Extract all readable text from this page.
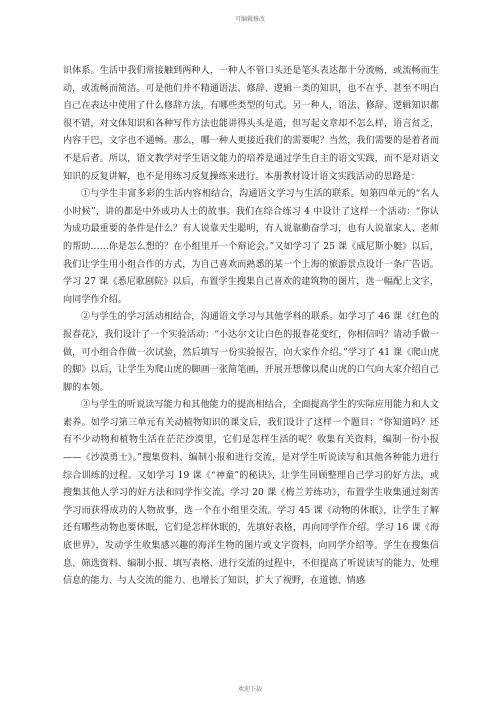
可编辑修改

识体系。生活中我们常接触到两种人，一种人不管口头还是笔头表达都十分流畅，或流畅而生动，或流畅而简洁。可是他们并不精通语法、修辞、逻辑一类的知识，也不在乎、甚至不明白自己在表达中使用了什么修辞方法，有哪些类型的句式。另一种人，语法、修辞、逻辑知识都很不错，对文体知识和各种写作方法也能讲得头头是道，但写起文章却不怎么样，语言贫乏，内容干巴，文字也不通畅。那么，哪一种人更接近我们的需要呢？当然，我们需要的是着者而不是后者。所以，语文教学对学生语文能力的培养是通过学生自主的语文实践，而不是对语文知识的反复讲解，也不是用练习反复操练来进行。本册教材设计语文实践活动的思路是：

①与学生丰富多彩的生活内容相结合，沟通语文学习与生活的联系。如第四单元的“名人小时候”，讲的都是中外成功人士的故事。我们在综合练习 4 中设计了这样一个活动：“你认为成功最重要的条件是什么？有人说靠天生聪明，有人说靠勤奋学习，也有人说靠家人、老师的帮助……你是怎么想的？在小组里开一个辩论会。”又如学习了 25 课《威尼斯小艇》以后，我们让学生用小组合作的方式，为自己喜欢而熟悉的某一个上海的旅游景点设计一条广告语。学习 27 课《悉尼歌剧院》以后，布置学生搜集自己喜欢的建筑物的图片，选一幅配上文字，向同学作介绍。

②与学生的学习活动相结合，沟通语文学习与其他学科的联系。如学习了 46 课《红色的报春花》，我们设计了一个实验活动：“小达尔文让白色的报春花变红，你相信吗？请动手做一做，可小组合作做一次试验，然后填写一份实验报告，向大家作介绍。”学习了 41 课《爬山虎的脚》以后，让学生为爬山虎的脚画一张简笔画，并展开想像以爬山虎的口气向大家介绍自己脚的本领。

③与学生的听说读写能力和其他能力的提高相结合，全面提高学生的实际应用能力和人文素养。如学习第三单元有关动植物知识的课文后，我们设计了这样一个题目：“你知道吗？还有不少动物和植物生活在茫茫沙漠里，它们是怎样生活的呢？收集有关资料，编制一份小报——《沙漠勇士》。”搜集资料、编制小报和进行交流，是对学生听说读写和其他各种能力进行综合训练的过程。又如学习 19 课《“神童”的秘诀》，让学生回顾整理自己学习的好方法，或搜集其他人学习的好方法和同学作交流。学习 20 课《梅兰芳练功》，布置学生收集通过刻苦学习而获得成功的人物故事，选一个在小组里交流。学习 45 课《动物的休眠》，让学生了解还有哪些动物也要休眠，它们是怎样休眠的，先填好表格，再向同学作介绍。学习 16 课《海底世界》，发动学生收集感兴趣的海洋生物的图片或文字资料，向同学介绍等。学生在搜集信息、筛选资料、编制小报、填写表格、进行交流的过程中，不但提高了听说读写的能力、处理信息的能力、与人交流的能力、也增长了知识，扩大了视野，在道德、情感

欢迎下载
